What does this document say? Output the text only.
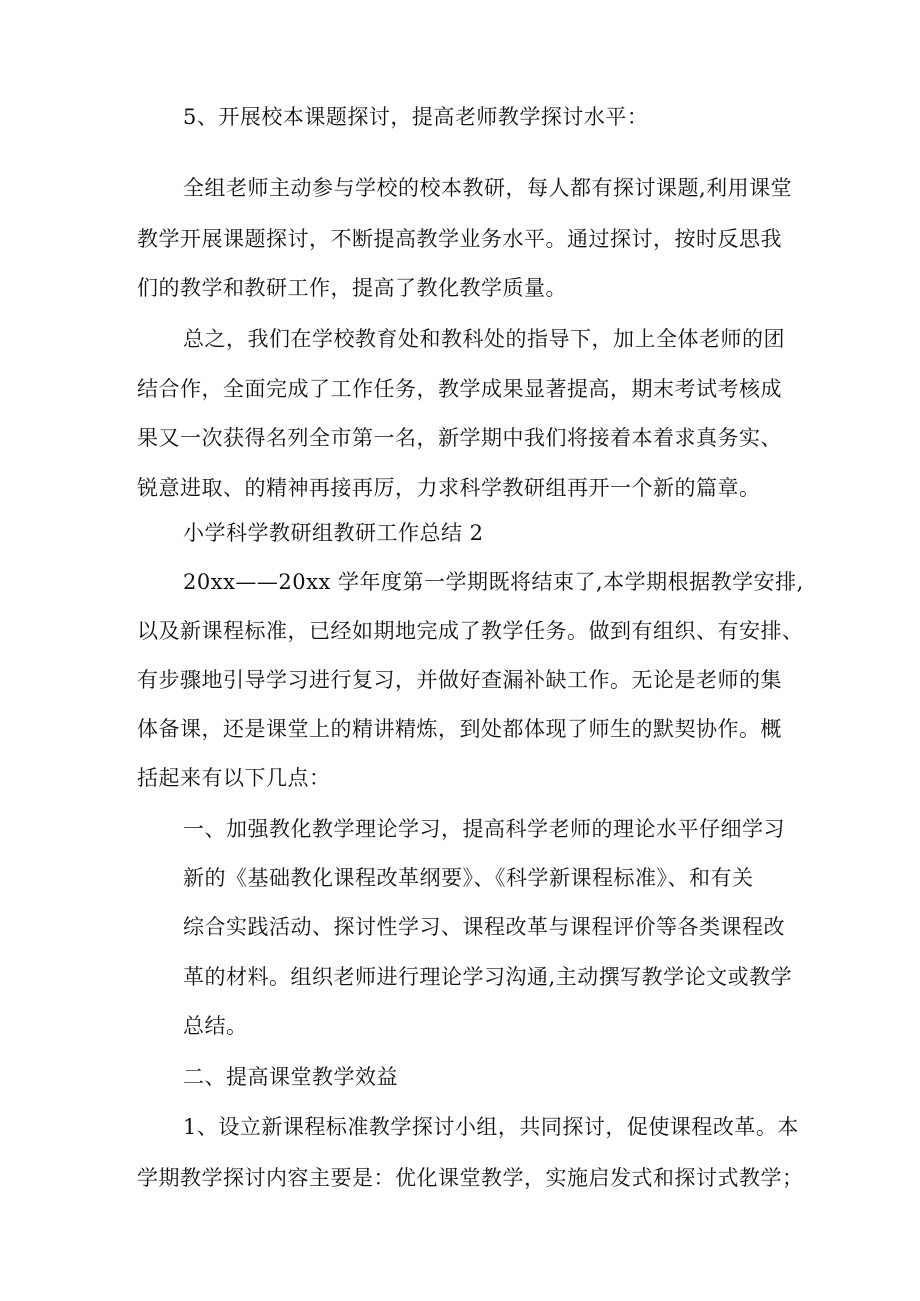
5、开展校本课题探讨，提高老师教学探讨水平：
全组老师主动参与学校的校本教研，每人都有探讨课题,利用课堂
教学开展课题探讨，不断提高教学业务水平。通过探讨，按时反思我
们的教学和教研工作，提高了教化教学质量。
总之，我们在学校教育处和教科处的指导下，加上全体老师的团
结合作，全面完成了工作任务，教学成果显著提高，期末考试考核成
果又一次获得名列全市第一名，新学期中我们将接着本着求真务实、
锐意进取、的精神再接再厉，力求科学教研组再开一个新的篇章。
小学科学教研组教研工作总结 2
20xx——20xx 学年度第一学期既将结束了,本学期根据教学安排,
以及新课程标准，已经如期地完成了教学任务。做到有组织、有安排、
有步骤地引导学习进行复习，并做好查漏补缺工作。无论是老师的集
体备课，还是课堂上的精讲精炼，到处都体现了师生的默契协作。概
括起来有以下几点：
一、加强教化教学理论学习，提高科学老师的理论水平仔细学习
新的《基础教化课程改革纲要》、《科学新课程标准》、和有关
综合实践活动、探讨性学习、课程改革与课程评价等各类课程改
革的材料。组织老师进行理论学习沟通,主动撰写教学论文或教学
总结。
二、提高课堂教学效益
1、设立新课程标准教学探讨小组，共同探讨，促使课程改革。本
学期教学探讨内容主要是：优化课堂教学，实施启发式和探讨式教学；
